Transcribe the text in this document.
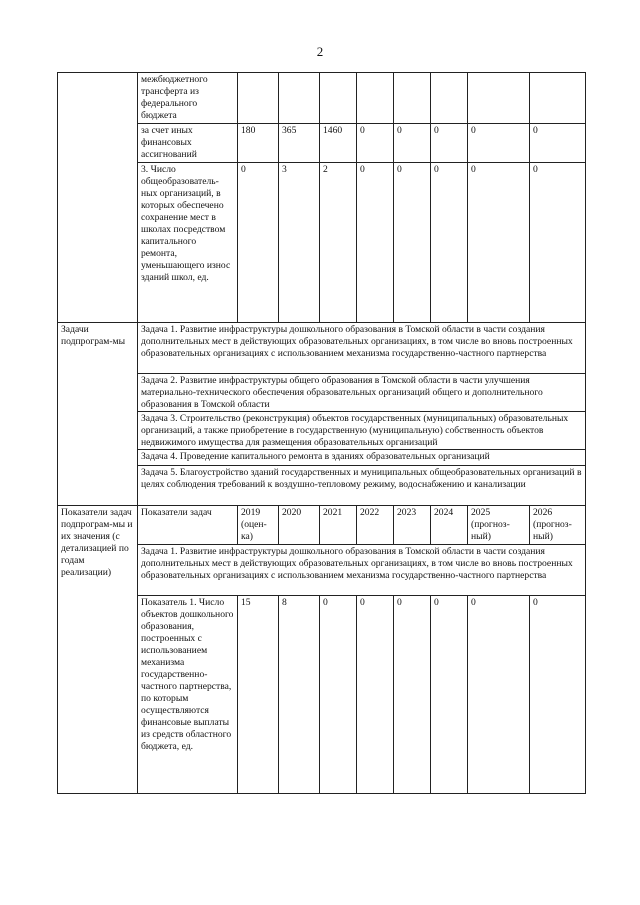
2
	межбюджетного трансферта из федерального бюджета								
	за счет иных финансовых ассигнований	180	365	1460	0	0	0	0	0
	3. Число общеобразователь-ных организаций, в которых обеспечено сохранение мест в школах посредством капитального ремонта, уменьшающего износ зданий школ, ед.	0	3	2	0	0	0	0	0
Задачи подпрограм-мы	Задача 1. Развитие инфраструктуры дошкольного образования в Томской области в части создания дополнительных мест в действующих образовательных организациях, в том числе во вновь построенных образовательных организациях с использованием механизма государственно-частного партнерства								
	Задача 2. Развитие инфраструктуры общего образования в Томской области в части улучшения материально-технического обеспечения образовательных организаций общего и дополнительного образования в Томской области								
	Задача 3. Строительство (реконструкция) объектов государственных (муниципальных) образовательных организаций, а также приобретение в государственную (муниципальную) собственность объектов недвижимого имущества для размещения образовательных организаций								
	Задача 4. Проведение капитального ремонта в зданиях образовательных организаций								
	Задача 5. Благоустройство зданий государственных и муниципальных общеобразовательных организаций в целях соблюдения требований к воздушно-тепловому режиму, водоснабжению и канализации								
Показатели задач подпрограм-мы и их значения (с детализацией по годам реализации)	Показатели задач	2019 (оцен-ка)	2020	2021	2022	2023	2024	2025 (прогноз-ный)	2026 (прогноз-ный)
	Задача 1. Развитие инфраструктуры дошкольного образования в Томской области в части создания дополнительных мест в действующих образовательных организациях, в том числе во вновь построенных образовательных организациях с использованием механизма государственно-частного партнерства								
	Показатель 1. Число объектов дошкольного образования, построенных с использованием механизма государственно-частного партнерства, по которым осуществляются финансовые выплаты из средств областного бюджета, ед.	15	8	0	0	0	0	0	0
